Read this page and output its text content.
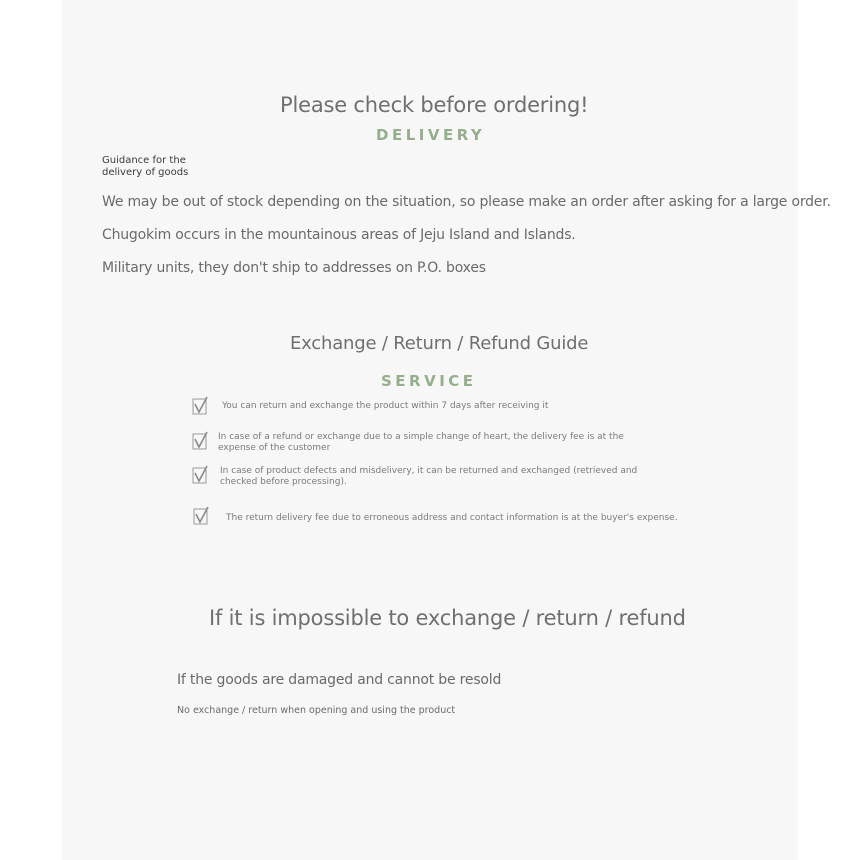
Please check before ordering!
DELIVERY
Guidance for the
delivery of goods
We may be out of stock depending on the situation, so please make an order after asking for a large order.
Chugokim occurs in the mountainous areas of Jeju Island and Islands.
Military units, they don't ship to addresses on P.O. boxes
Exchange / Return / Refund Guide
SERVICE
You can return and exchange the product within 7 days after receiving it
In case of a refund or exchange due to a simple change of heart, the delivery fee is at the expense of the customer
In case of product defects and misdelivery, it can be returned and exchanged (retrieved and checked before processing).
The return delivery fee due to erroneous address and contact information is at the buyer's expense.
If it is impossible to exchange / return / refund
If the goods are damaged and cannot be resold
No exchange / return when opening and using the product
